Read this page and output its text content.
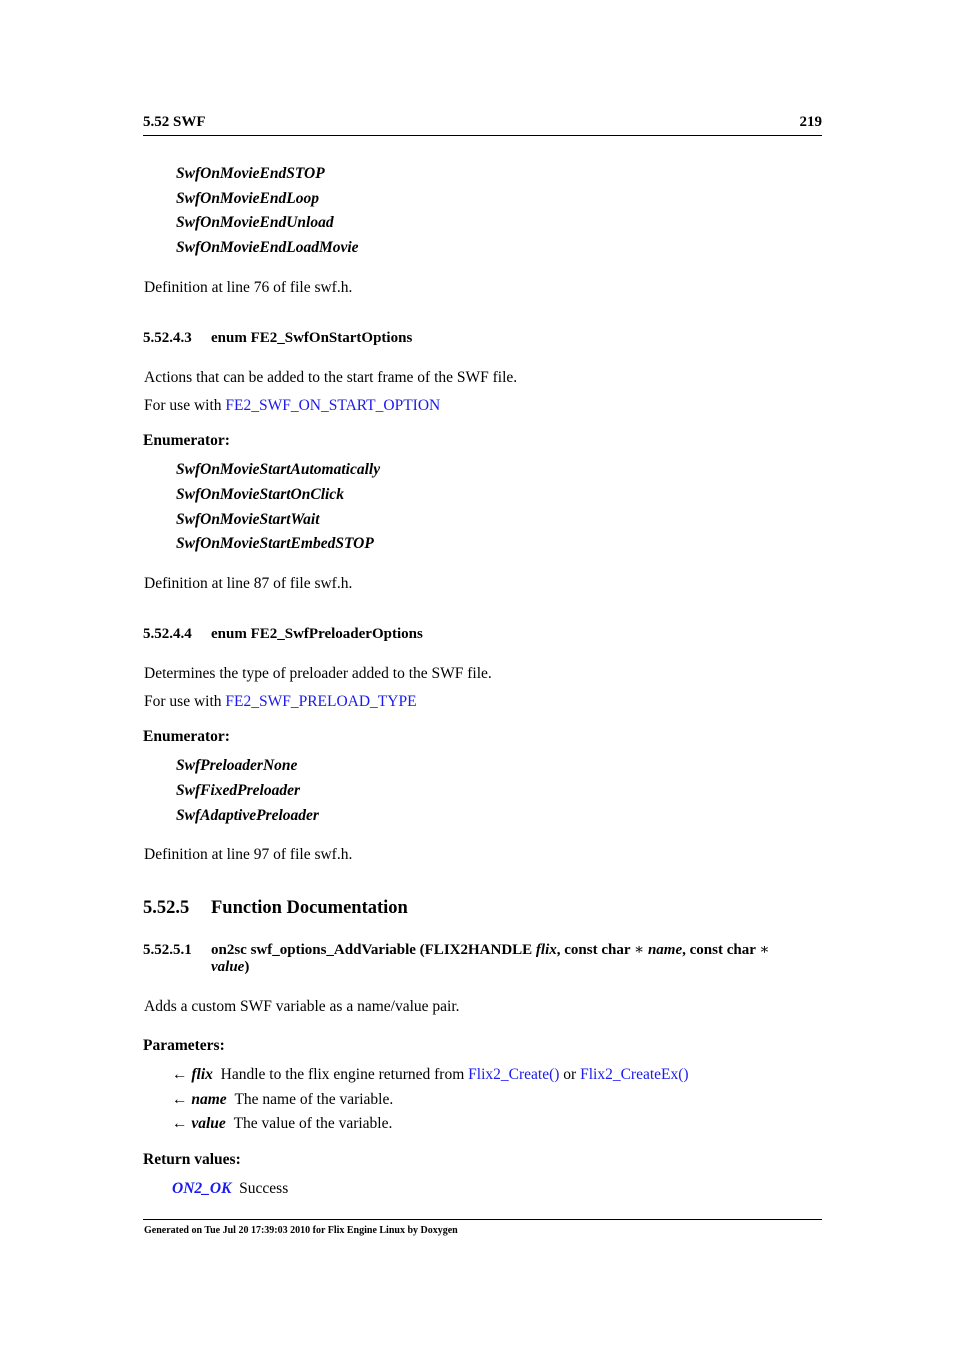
5.52 SWF	219
SwfOnMovieEndSTOP
SwfOnMovieEndLoop
SwfOnMovieEndUnload
SwfOnMovieEndLoadMovie
Definition at line 76 of file swf.h.
5.52.4.3 enum FE2_SwfOnStartOptions
Actions that can be added to the start frame of the SWF file.
For use with FE2_SWF_ON_START_OPTION
Enumerator:
SwfOnMovieStartAutomatically
SwfOnMovieStartOnClick
SwfOnMovieStartWait
SwfOnMovieStartEmbedSTOP
Definition at line 87 of file swf.h.
5.52.4.4 enum FE2_SwfPreloaderOptions
Determines the type of preloader added to the SWF file.
For use with FE2_SWF_PRELOAD_TYPE
Enumerator:
SwfPreloaderNone
SwfFixedPreloader
SwfAdaptivePreloader
Definition at line 97 of file swf.h.
5.52.5 Function Documentation
5.52.5.1 on2sc swf_options_AddVariable (FLIX2HANDLE flix, const char ∗ name, const char ∗
value)
Adds a custom SWF variable as a name/value pair.
Parameters:
← flix Handle to the flix engine returned from Flix2_Create() or Flix2_CreateEx()
← name The name of the variable.
← value The value of the variable.
Return values:
ON2_OK Success
Generated on Tue Jul 20 17:39:03 2010 for Flix Engine Linux by Doxygen
